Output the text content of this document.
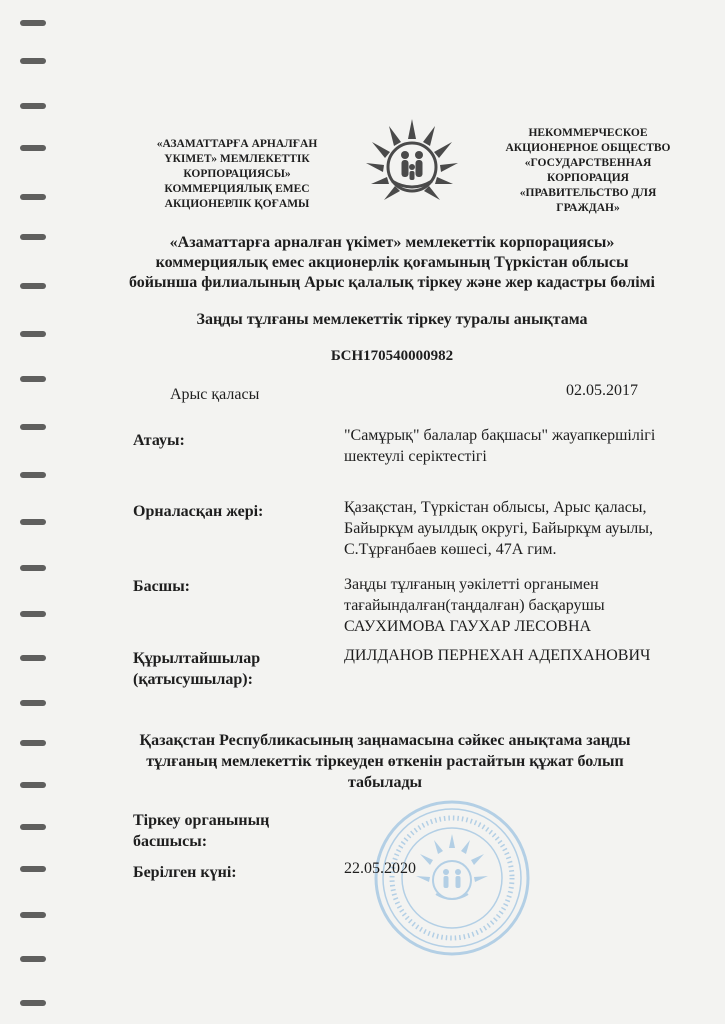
«АЗАМАТТАРҒА АРНАЛҒАН
ҮКІМЕТ» МЕМЛЕКЕТТІК
КОРПОРАЦИЯСЫ»
КОММЕРЦИЯЛЫҚ ЕМЕС
АКЦИОНЕРЛІК ҚОҒАМЫ
НЕКОММЕРЧЕСКОЕ
АКЦИОНЕРНОЕ ОБЩЕСТВО
«ГОСУДАРСТВЕННАЯ
КОРПОРАЦИЯ
«ПРАВИТЕЛЬСТВО ДЛЯ
ГРАЖДАН»
«Азаматтарға арналған үкімет» мемлекеттік корпорациясы»
коммерциялық емес акционерлік қоғамының Түркістан облысы
бойынша филиалының Арыс қалалық тіркеу және жер кадастры бөлімі
Заңды тұлғаны мемлекеттік тіркеу туралы анықтама
БСН170540000982
Арыс қаласы	02.05.2017
Атауы:	"Самұрық" балалар бақшасы" жауапкершілігі
шектеулі серіктестігі
Орналасқан жері:	Қазақстан, Түркістан облысы, Арыс қаласы,
Байыркұм ауылдық округі, Байыркұм ауылы,
С.Тұрғанбаев көшесі, 47А гим.
Басшы:	Заңды тұлғаның уәкілетті органымен
тағайындалған(таңдалған) басқарушы
САУХИМОВА ГАУХАР ЛЕСОВНА
Құрылтайшылар
(қатысушылар):
ДИЛДАНОВ ПЕРНЕХАН АДЕПХАНОВИЧ
Қазақстан Республикасының заңнамасына сәйкес анықтама заңды
тұлғаның мемлекеттік тіркеуден өткенін растайтын құжат болып
табылады
Тіркеу органының
басшысы:
Берілген күні:	22.05.2020
